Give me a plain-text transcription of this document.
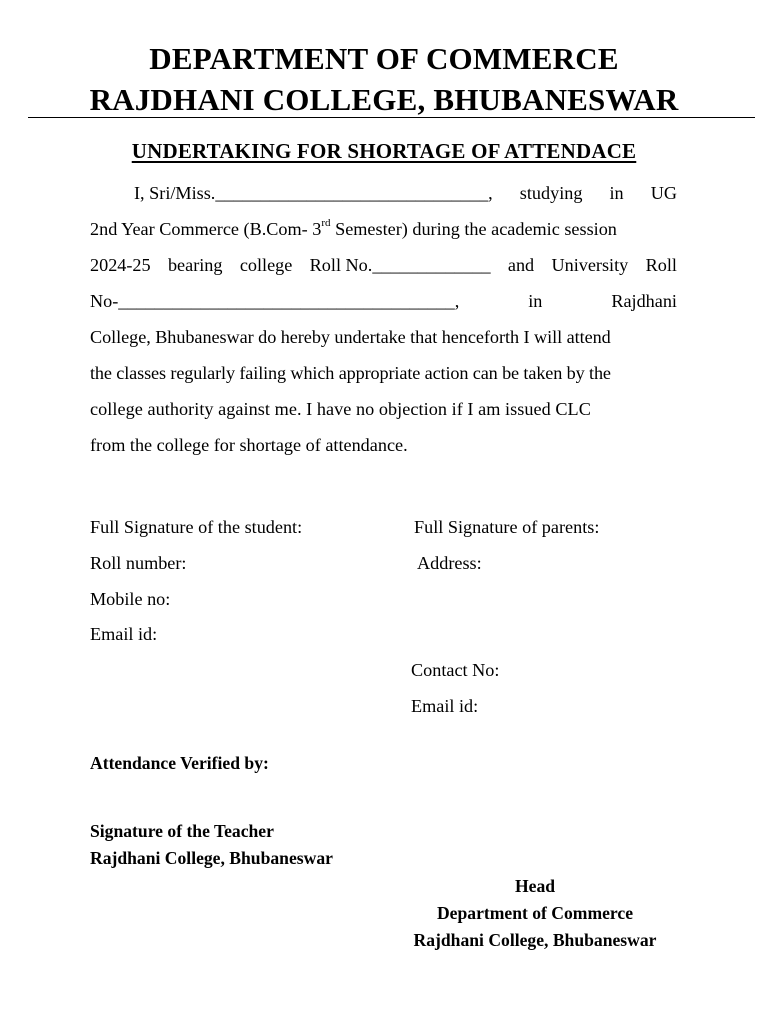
DEPARTMENT OF COMMERCE
RAJDHANI COLLEGE, BHUBANESWAR
UNDERTAKING FOR SHORTAGE OF ATTENDACE
I, Sri/Miss.______________________________, studying in UG
2nd Year Commerce (B.Com- 3rd Semester) during the academic session
2024-25 bearing college Roll No._____________ and University Roll
No-_____________________________________,	in	Rajdhani
College, Bhubaneswar do hereby undertake that henceforth I will attend
the classes regularly failing which appropriate action can be taken by the
college authority against me. I have no objection if I am issued CLC
from the college for shortage of attendance.
Full Signature of the student:
Roll number:
Mobile no:
Email id:
Full Signature of parents:
Address:
Contact No:
Email id:
Attendance Verified by:
Signature of the Teacher
Rajdhani College, Bhubaneswar
Head
Department of Commerce
Rajdhani College, Bhubaneswar
